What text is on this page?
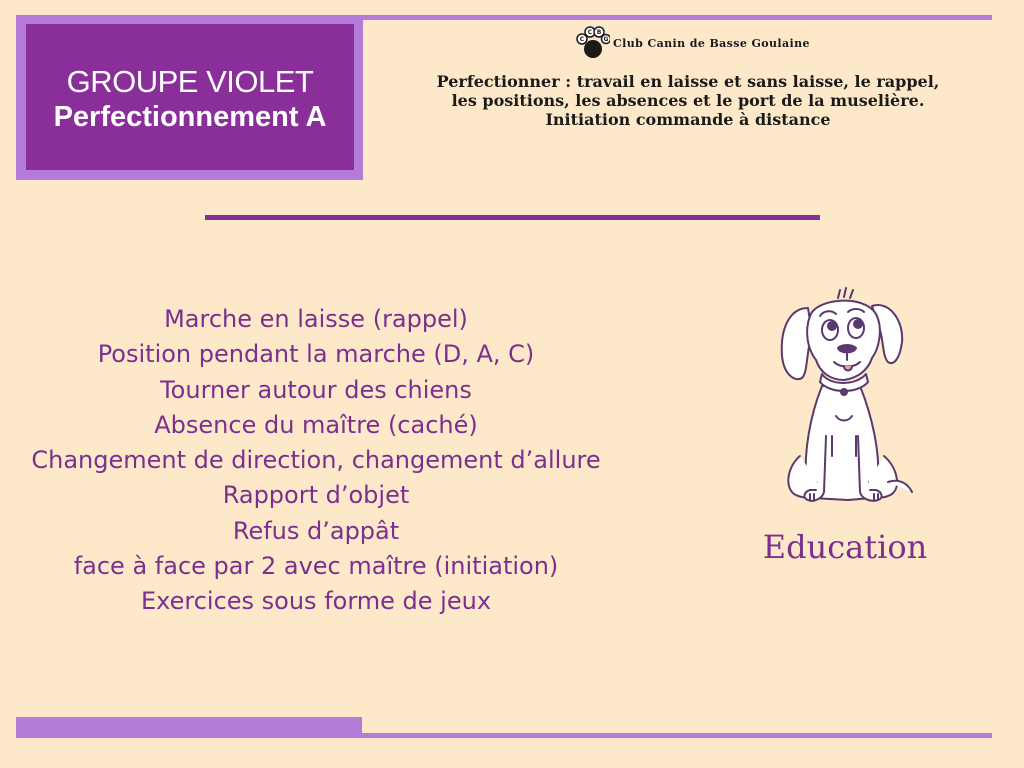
GROUPE VIOLET
Perfectionnement A
C
C B
G Club Canin de Basse Goulaine
Perfectionner : travail en laisse et sans laisse, le rappel,
les positions, les absences et le port de la muselière.
Initiation commande à distance
Marche en laisse (rappel)
Position pendant la marche (D, A, C)
Tourner autour des chiens
Absence du maître (caché)
Changement de direction, changement d’allure
Rapport d’objet
Refus d’appât
face à face par 2 avec maître (initiation)
Exercices sous forme de jeux
Education
